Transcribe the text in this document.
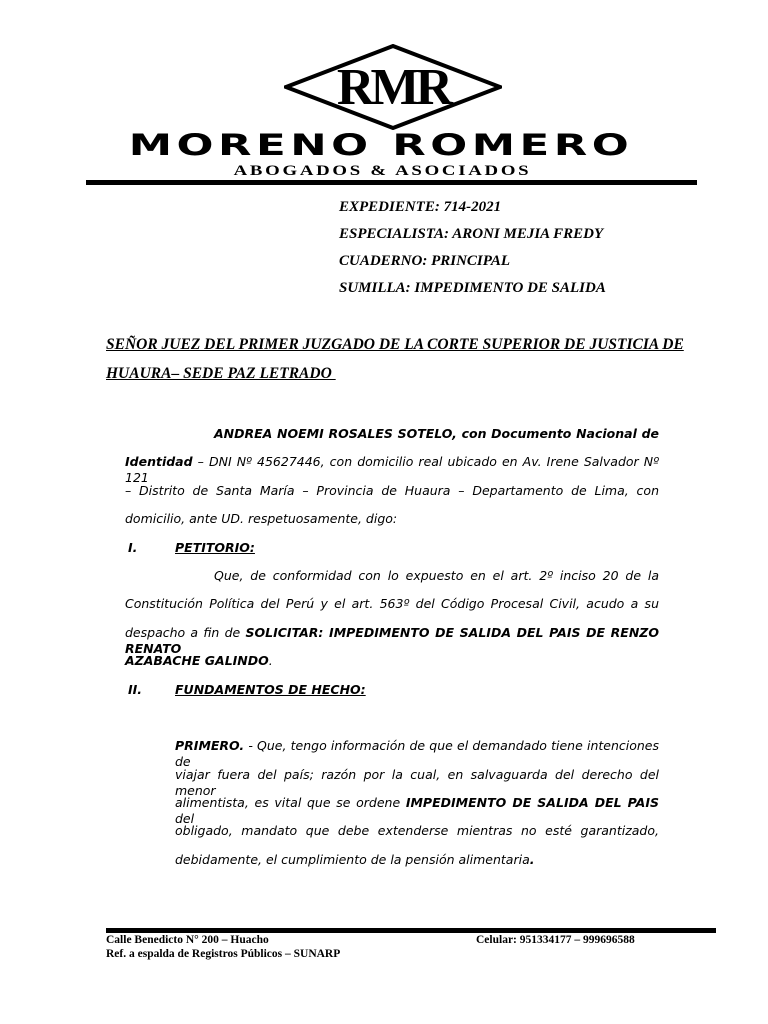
RMR
MORENO ROMERO
ABOGADOS & ASOCIADOS
EXPEDIENTE: 714-2021
ESPECIALISTA: ARONI MEJIA FREDY
CUADERNO: PRINCIPAL
SUMILLA: IMPEDIMENTO DE SALIDA
SEÑOR JUEZ DEL PRIMER JUZGADO DE LA CORTE SUPERIOR DE JUSTICIA DE
HUAURA– SEDE PAZ LETRADO
ANDREA NOEMI ROSALES SOTELO, con Documento Nacional de
Identidad – DNI Nº 45627446, con domicilio real ubicado en Av. Irene Salvador Nº 121
– Distrito de Santa María – Provincia de Huaura – Departamento de Lima, con
domicilio, ante UD. respetuosamente, digo:
I.	PETITORIO:
Que, de conformidad con lo expuesto en el art. 2º inciso 20 de la
Constitución Política del Perú y el art. 563º del Código Procesal Civil, acudo a su
despacho a fin de SOLICITAR: IMPEDIMENTO DE SALIDA DEL PAIS DE RENZO RENATO
AZABACHE GALINDO.
II.	FUNDAMENTOS DE HECHO:
PRIMERO. - Que, tengo información de que el demandado tiene intenciones de
viajar fuera del país; razón por la cual, en salvaguarda del derecho del menor
alimentista, es vital que se ordene IMPEDIMENTO DE SALIDA DEL PAIS del
obligado, mandato que debe extenderse mientras no esté garantizado,
debidamente, el cumplimiento de la pensión alimentaria.
Calle Benedicto N° 200 – Huacho
Ref. a espalda de Registros Públicos – SUNARP
Celular: 951334177 – 999696588
